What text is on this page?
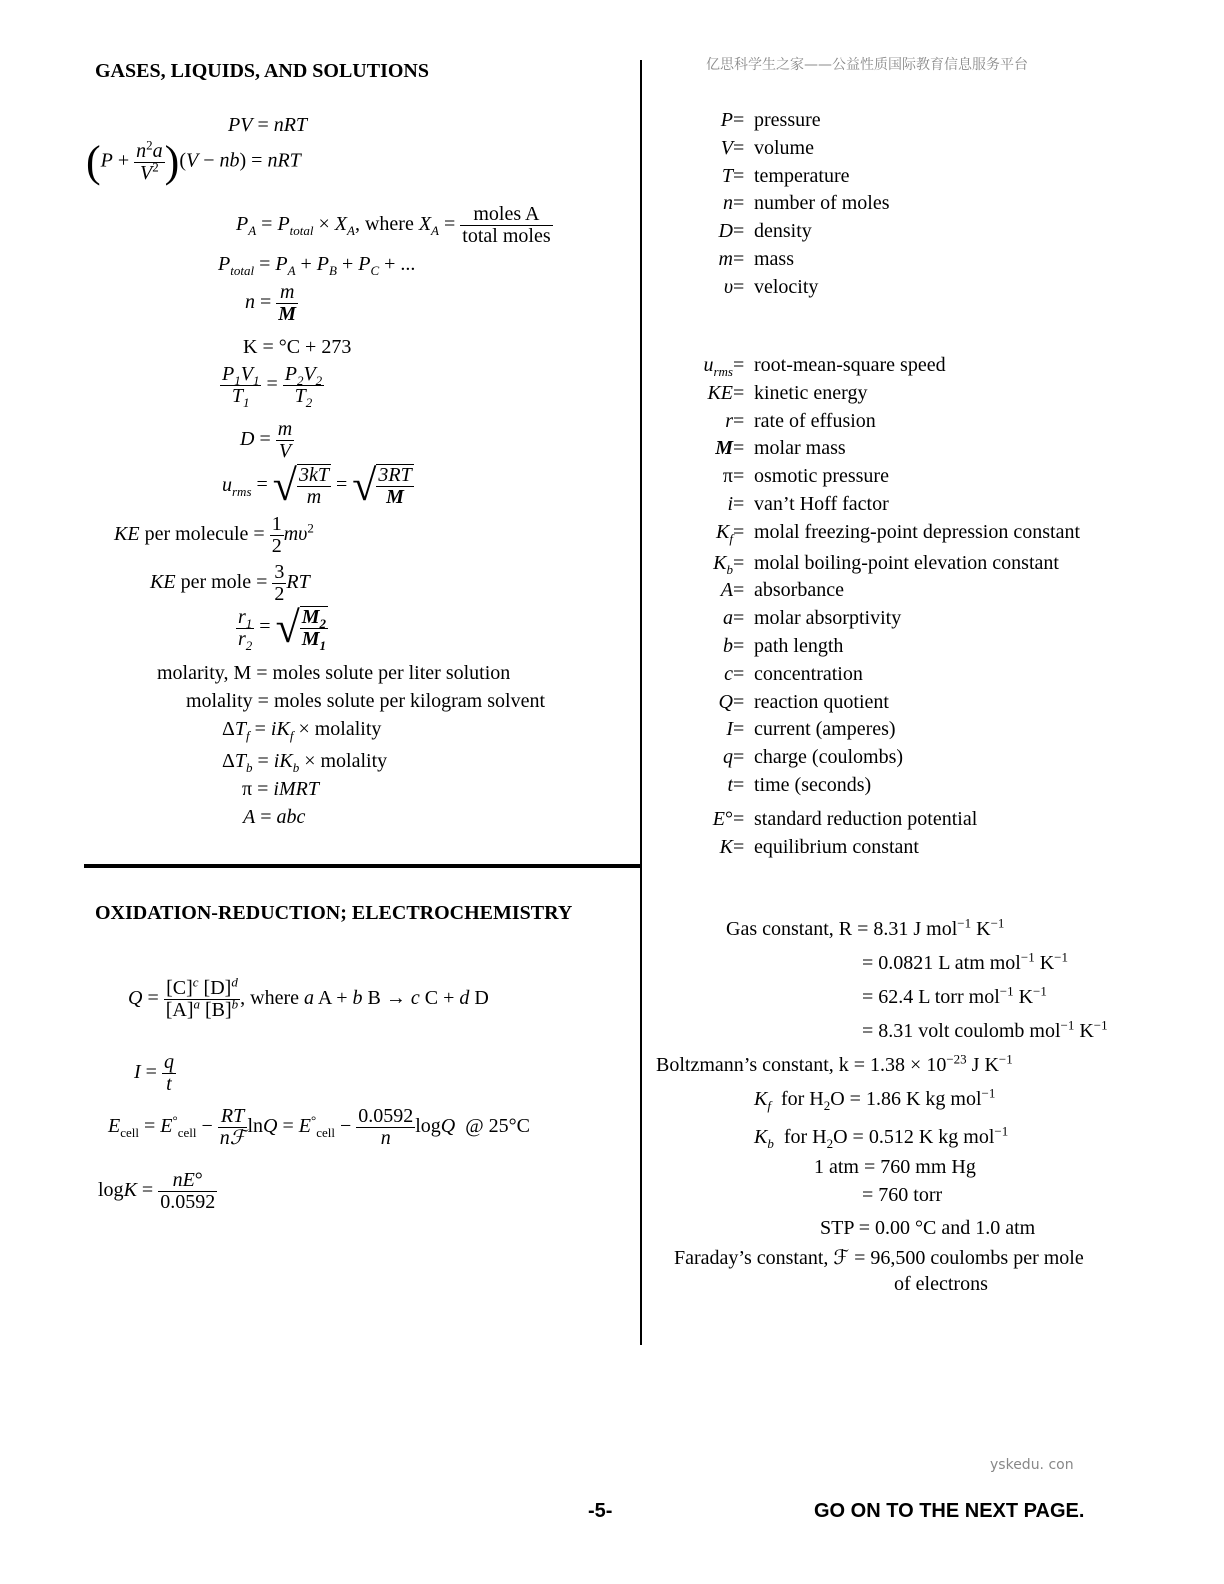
亿思科学生之家——公益性质国际教育信息服务平台
yskedu. con
GASES, LIQUIDS, AND SOLUTIONS
PV = nRT
$(P + \frac{n^2a}{V^2} )(V - nb)$ = nRT
$P_A = P_{total} \times X_A$, where $X_A = \frac{\text{moles A}}{\text{total moles}}$
$P_{total} = P_A + P_B + P_C$ + ...
$n = \frac{m}{M}$
K = °C + 273
$\frac{P_1V_1}{T_1} = \frac{P_2V_2}{T_2}$
$D = \frac{m}{V}$
$u_{rms}$ = √ $\frac{3kT}{m}$ = √ $\frac{3RT}{M}$
KE per molecule = $\frac{1}{2} m\upsilon^2$
KE per mole = $\frac{3}{2}$ RT
$\frac{r_1}{r_2}$ = √ $\frac{M_2}{M_1}$
molarity, M = moles solute per liter solution
molality = moles solute per kilogram solvent
$\Delta T_f = iK_f$ × molality
$\Delta T_b = iK_b$ × molality
π = iMRT
A = abc
P = pressure
V = volume
T = temperature
n = number of moles
D = density
m = mass
υ = velocity
$u_{rms}$ = root-mean-square speed
KE = kinetic energy
r = rate of effusion
M = molar mass
π = osmotic pressure
i = van’t Hoff factor
$K_f$ = molal freezing-point depression constant
$K_b$ = molal boiling-point elevation constant
A = absorbance
a = molar absorptivity
b = path length
c = concentration
Q = reaction quotient
I = current (amperes)
q = charge (coulombs)
t = time (seconds)
E° = standard reduction potential
K = equilibrium constant
OXIDATION-REDUCTION; ELECTROCHEMISTRY
$Q = \frac{[C]^c [D]^d}{[A]^a [B]^b}$ , where a A + b B → c C + d D
$I = \frac{q}{t}$
$E_{cell} = E^\circ_{cell} - \frac{RT}{\text{nℱ}}$ $\ln Q = E^\circ_{cell} - \frac{0.0592}{n}$ logQ  @ 25°C
$\log K = \frac{nE^\circ}{0.0592}$
Gas constant, R = 8.31 J mol$^{-1}$ $K^{-1}$
= 0.0821 L atm mol$^{-1}$ $K^{-1}$
= 62.4 L torr mol$^{-1}$ $K^{-1}$
= 8.31 volt coulomb mol$^{-1}$ $K^{-1}$
Boltzmann’s constant, $k = 1.38 \times 10^{-23}$ J $K^{-1}$
$K_f$  for $H_2O = 1.86$ K kg mol$^{-1}$
$K_b$  for $H_2O = 0.512$ K kg mol$^{-1}$
1 atm = 760 mm Hg
= 760 torr
STP = 0.00 °C and 1.0 atm
Faraday’s constant, ℱ = 96,500 coulombs per mole
of electrons
-5-	GO ON TO THE NEXT PAGE.
